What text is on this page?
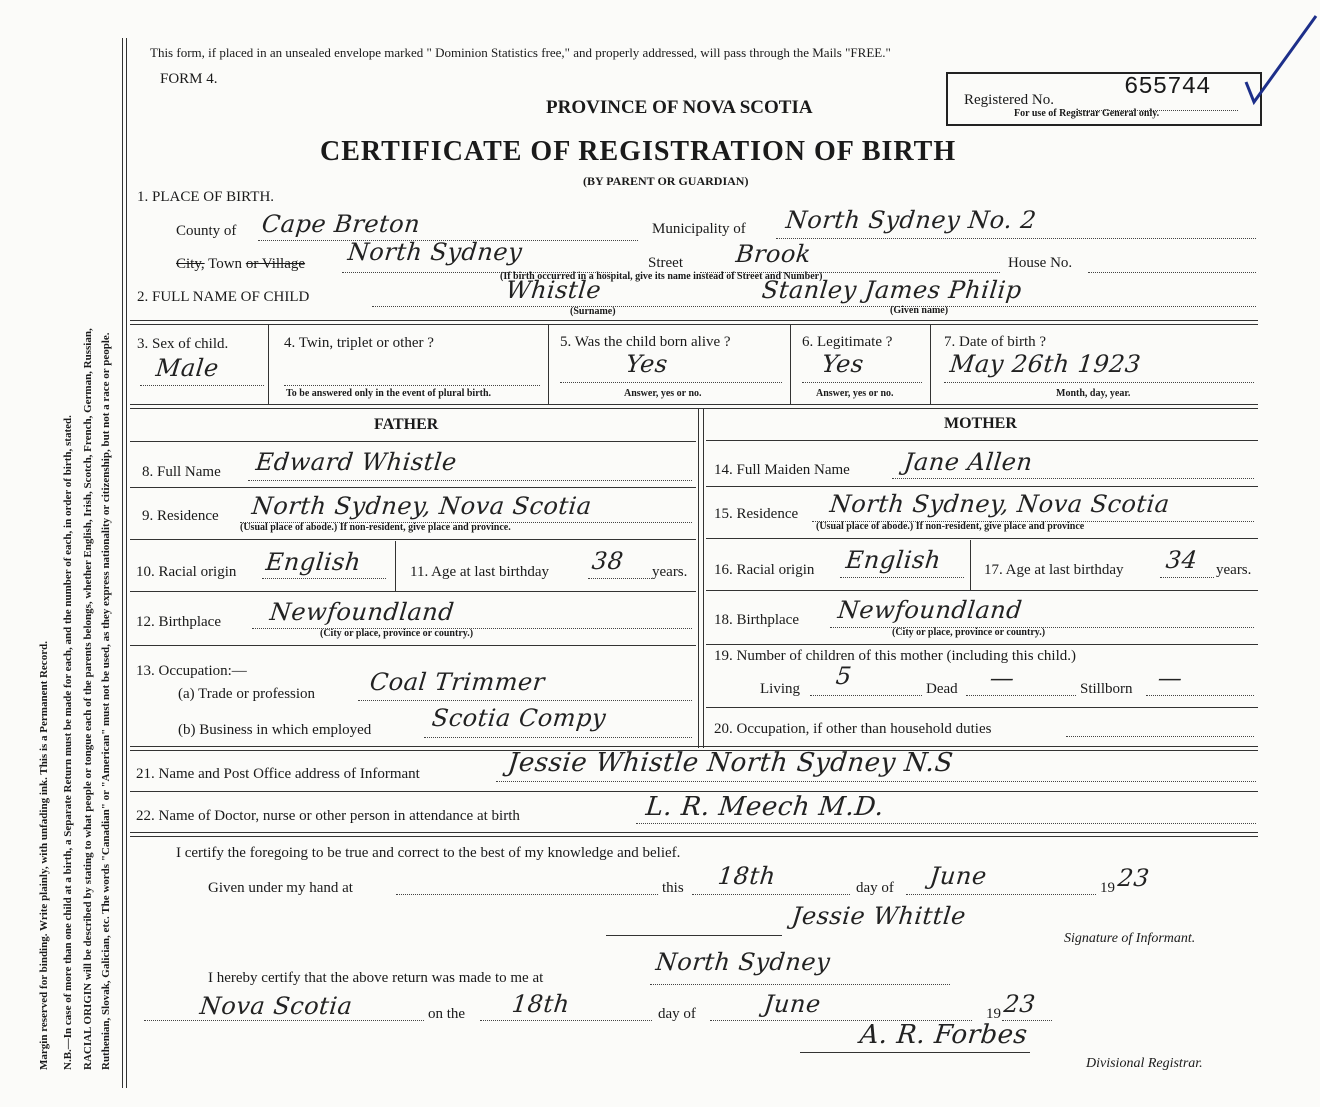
Margin reserved for binding. Write plainly, with unfading ink. This is a Permanent Record. N.B.—In case of more than one child at a birth, a Separate Return must be made for each, and the number of each, in order of birth, stated. RACIAL ORIGIN will be described by stating to what people or tongue each of the parents belongs, whether English, Irish, Scotch, French, German, Russian, Ruthenian, Slovak, Galician, etc. The words "Canadian" or "American" must not be used, as they express nationality or citizenship, but not a race or people.
This form, if placed in an unsealed envelope marked " Dominion Statistics free," and properly addressed, will pass through the Mails "FREE."
FORM 4.
PROVINCE OF NOVA SCOTIA
CERTIFICATE OF REGISTRATION OF BIRTH
(BY PARENT OR GUARDIAN)
Registered No.	655744
For use of Registrar General only.
1. PLACE OF BIRTH.
County of Cape Breton	Municipality of North Sydney No. 2
City, Town or Village North Sydney	Street Brook	House No.
(If birth occurred in a hospital, give its name instead of Street and Number)
2. FULL NAME OF CHILD	Whistle	Stanley James Philip
(Surname)	(Given name)
3. Sex of child.
Male
4. Twin, triplet or other ?
To be answered only in the event of plural birth.
5. Was the child born alive ?
Yes
Answer, yes or no.
6. Legitimate ?
Yes
Answer, yes or no.
7. Date of birth ?
May 26th 1923
Month, day, year.
FATHER	MOTHER
8. Full Name Edward Whistle	14. Full Maiden Name Jane Allen
9. Residence North Sydney, Nova Scotia
(Usual place of abode.) If non-resident, give place and province.
15. Residence North Sydney, Nova Scotia
(Usual place of abode.) If non-resident, give place and province
10. Racial origin English	11. Age at last birthday 38 years. 16. Racial origin English	17. Age at last birthday 34 years.
12. Birthplace Newfoundland
(City or place, province or country.)
18. Birthplace Newfoundland
(City or place, province or country.)
13. Occupation:—
(a) Trade or profession Coal Trimmer
(b) Business in which employed Scotia Compy
19. Number of children of this mother (including this child.)
Living 5	Dead —	Stillborn —
20. Occupation, if other than household duties
21. Name and Post Office address of Informant	Jessie Whistle North Sydney N.S
22. Name of Doctor, nurse or other person in attendance at birth	L. R. Meech M.D.
I certify the foregoing to be true and correct to the best of my knowledge and belief.
Given under my hand at	this 18th	day of June	19 23
Jessie Whittle
Signature of Informant.
I hereby certify that the above return was made to me at
North Sydney
Nova Scotia	on the 18th	day of	June	19 23
A. R. Forbes
Divisional Registrar.
